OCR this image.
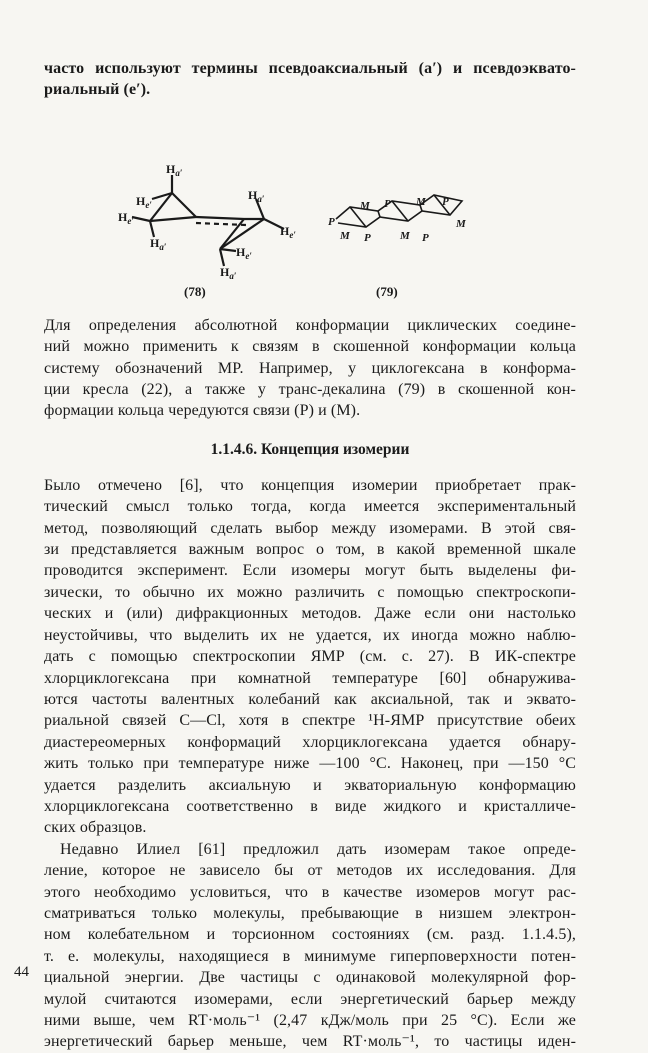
часто используют термины псевдоаксиальный (a′) и псевдоэквато-
риальный (e′).
$H_{a'}$
$H_{e'}$
$H_{e'}$
$H_{a'}$
$H_{a'}$
$H_{e'}$
$H_{e'}$
$H_{a'}$
(78)
P
M P M P
M
M P	M P
(79)
Для определения абсолютной конформации циклических соедине-
ний можно применить к связям в скошенной конформации кольца
систему обозначений MP. Например, у циклогексана в конформа-
ции кресла (22), а также у транс-декалина (79) в скошенной кон-
формации кольца чередуются связи (P) и (M).
1.1.4.6. Концепция изомерии
Было отмечено [6], что концепция изомерии приобретает прак-
тический смысл только тогда, когда имеется экспериментальный
метод, позволяющий сделать выбор между изомерами. В этой свя-
зи представляется важным вопрос о том, в какой временной шкале
проводится эксперимент. Если изомеры могут быть выделены фи-
зически, то обычно их можно различить с помощью спектроскопи-
ческих и (или) дифракционных методов. Даже если они настолько
неустойчивы, что выделить их не удается, их иногда можно наблю-
дать с помощью спектроскопии ЯМР (см. с. 27). В ИК-спектре
хлорциклогексана при комнатной температуре [60] обнаружива-
ются частоты валентных колебаний как аксиальной, так и эквато-
риальной связей C—Cl, хотя в спектре ¹H-ЯМР присутствие обеих
диастереомерных конформаций хлорциклогексана удается обнару-
жить только при температуре ниже —100 °C. Наконец, при —150 °C
удается разделить аксиальную и экваториальную конформацию
хлорциклогексана соответственно в виде жидкого и кристалличе-
ских образцов.
Недавно Илиел [61] предложил дать изомерам такое опреде-
ление, которое не зависело бы от методов их исследования. Для
этого необходимо условиться, что в качестве изомеров могут рас-
сматриваться только молекулы, пребывающие в низшем электрон-
ном колебательном и торсионном состояниях (см. разд. 1.1.4.5),
т. е. молекулы, находящиеся в минимуме гиперповерхности потен-
циальной энергии. Две частицы с одинаковой молекулярной фор-
мулой считаются изомерами, если энергетический барьер между
ними выше, чем RT·моль⁻¹ (2,47 кДж/моль при 25 °C). Если же
энергетический барьер меньше, чем RT·моль⁻¹, то частицы иден-
44
